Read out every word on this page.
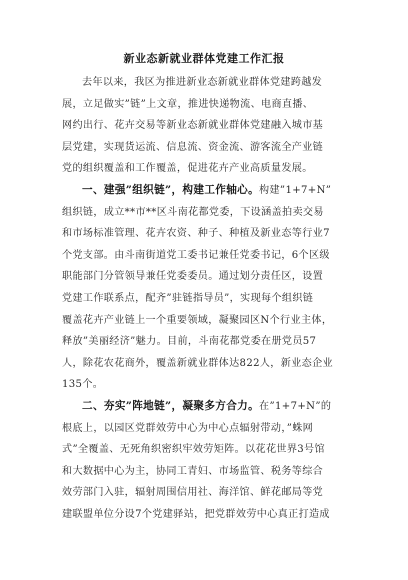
新业态新就业群体党建工作汇报
去年以来，我区为推进新业态新就业群体党建跨越发
展，立足做实”链”上文章，推进快递物流、电商直播、
网约出行、花卉交易等新业态新就业群体党建融入城市基
层党建，实现货运流、信息流、资金流、游客流全产业链
党的组织覆盖和工作覆盖，促进花卉产业高质量发展。
一、建强”组织链”，构建工作轴心。构建”1+7+N”
组织链，成立**市**区斗南花都党委，下设涵盖拍卖交易
和市场标准管理、花卉农资、种子、种植及新业态等行业7
个党支部。由斗南街道党工委书记兼任党委书记，6个区级
职能部门分管领导兼任党委委员。通过划分责任区，设置
党建工作联系点，配齐”驻链指导员”，实现每个组织链
覆盖花卉产业链上一个重要领域，凝聚园区N个行业主体，
释放”美丽经济”魅力。目前，斗南花都党委在册党员57
人，除花农花商外，覆盖新就业群体达822人，新业态企业
135个。
二、夯实”阵地链”，凝聚多方合力。在”1+7+N”的
根底上，以园区党群效劳中心为中心点辐射带动，”蛛网
式”全覆盖、无死角织密织牢效劳矩阵。以花花世界3号馆
和大数据中心为主，协同工青妇、市场监管、税务等综合
效劳部门入驻，辐射周围信用社、海洋馆、鲜花邮局等党
建联盟单位分设7个党建驿站，把党群效劳中心真正打造成
